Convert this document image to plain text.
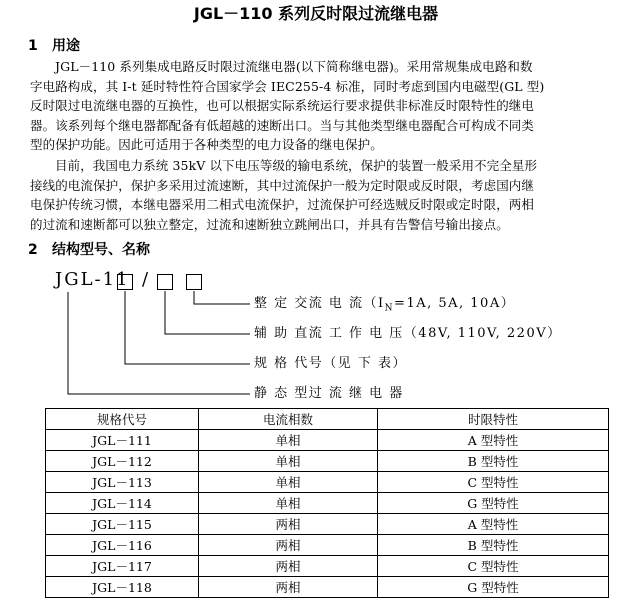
JGL－110 系列反时限过流继电器
1 用途
JGL－110 系列集成电路反时限过流继电器(以下简称继电器)。采用常规集成电路和数
字电路构成，其 I-t 延时特性符合国家学会 IEC255-4 标准，同时考虑到国内电磁型(GL 型)
反时限过电流继电器的互换性，也可以根据实际系统运行要求提供非标准反时限特性的继电
器。该系列每个继电器都配备有低超越的速断出口。当与其他类型继电器配合可构成不同类
型的保护功能。因此可适用于各种类型的电力设备的继电保护。
目前，我国电力系统 35kV 以下电压等级的输电系统，保护的装置一般采用不完全星形
接线的电流保护，保护多采用过流速断，其中过流保护一般为定时限或反时限，考虑国内继
电保护传统习惯，本继电器采用二相式电流保护，过流保护可经选贼反时限或定时限，两相
的过流和速断都可以独立整定，过流和速断独立跳闸出口，并具有告警信号输出接点。
2 结构型号、名称
JGL-11 /
整 定 交流 电 流（$I_N=1A$, 5A, 10A）
辅 助 直流 工 作 电 压（48V, 110V, 220V）
规 格 代号（见 下 表）
静 态 型过 流 继 电 器
规格代号	电流相数	时限特性
JGL－111	单相	A 型特性
JGL－112	单相	B 型特性
JGL－113	单相	C 型特性
JGL－114	单相	G 型特性
JGL－115	两相	A 型特性
JGL－116	两相	B 型特性
JGL－117	两相	C 型特性
JGL－118	两相	G 型特性
